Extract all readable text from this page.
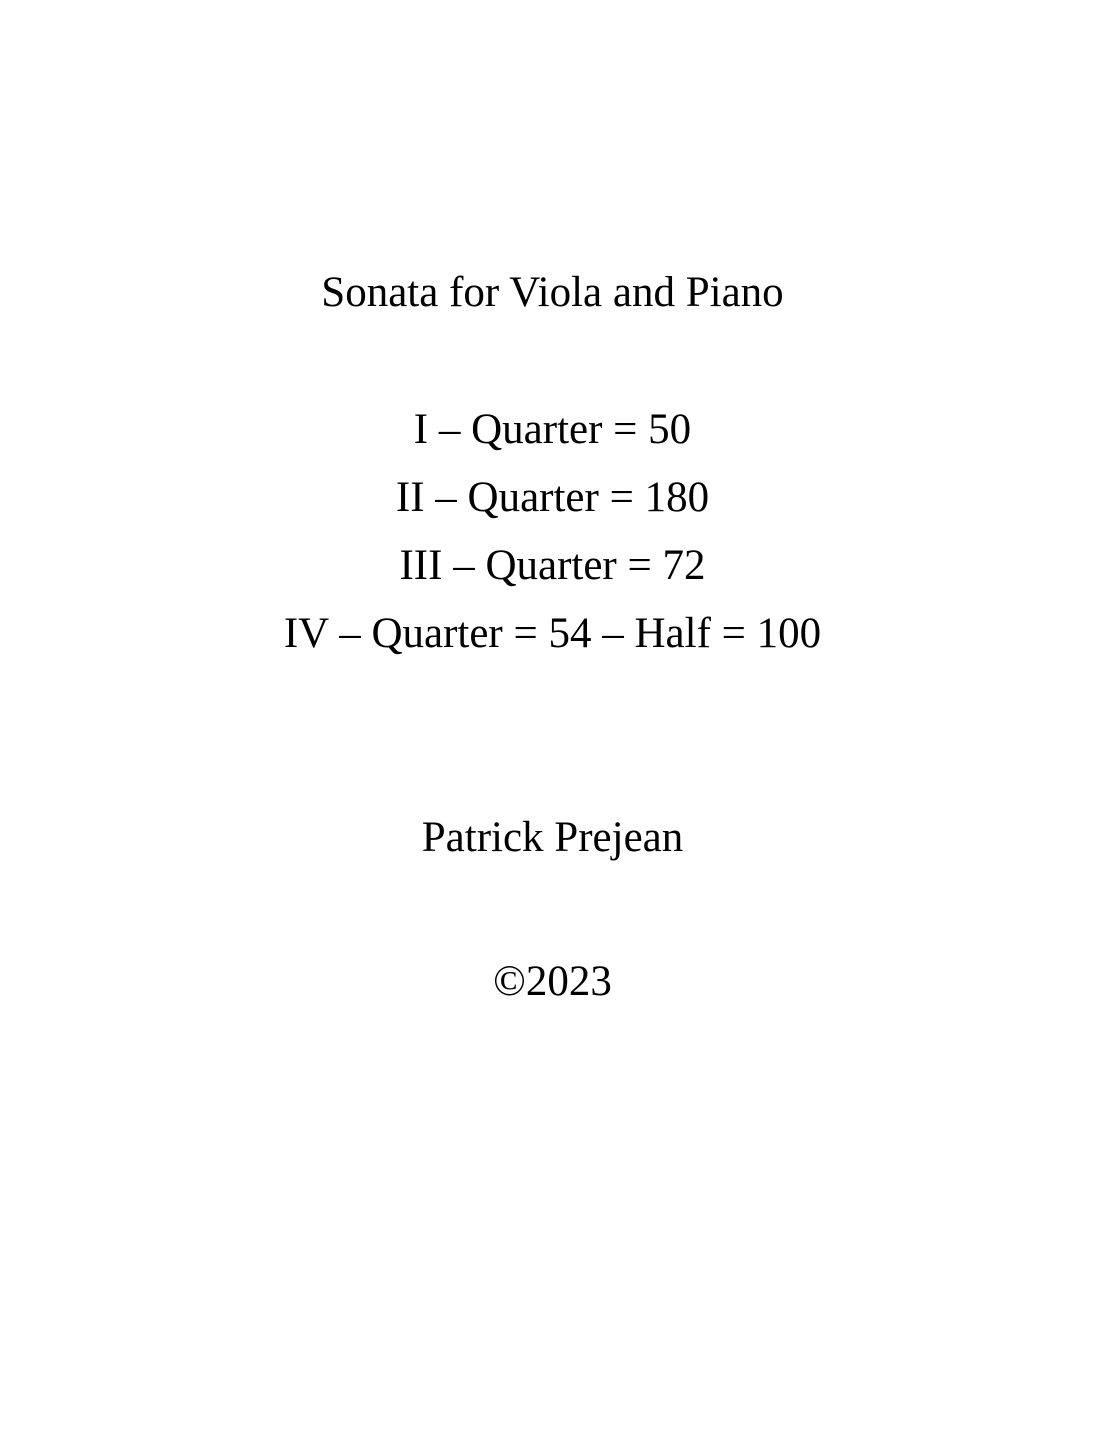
Sonata for Viola and Piano
I – Quarter = 50
II – Quarter = 180
III – Quarter = 72
IV – Quarter = 54 – Half = 100
Patrick Prejean
©2023
